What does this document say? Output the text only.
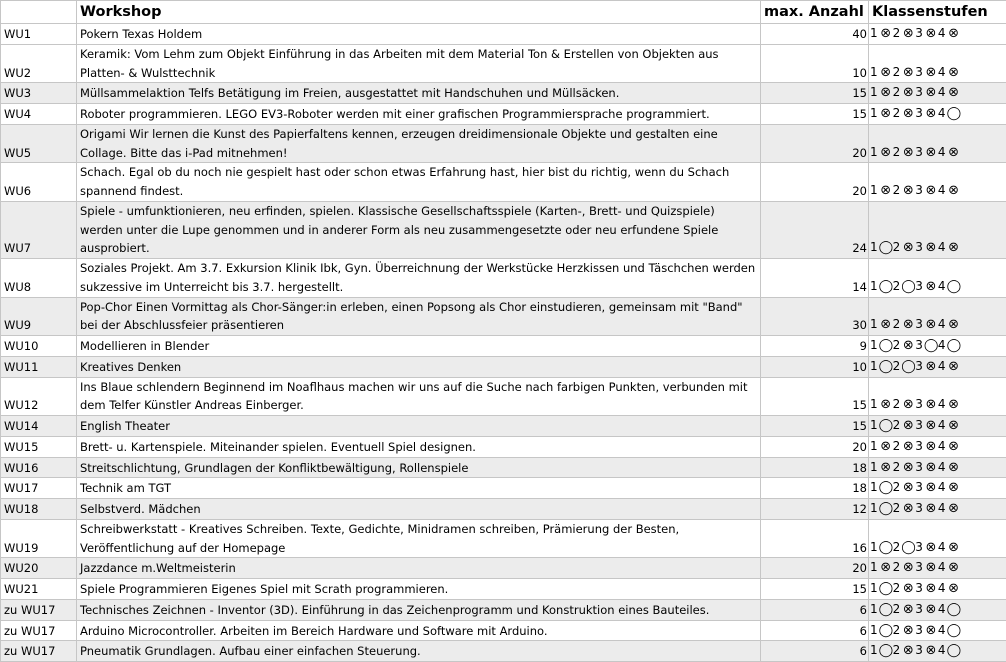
	Workshop	max. Anzahl	Klassenstufen
WU1	Pokern Texas Holdem	40	1 ⊗ 2 ⊗ 3 ⊗ 4 ⊗
WU2	Keramik: Vom Lehm zum Objekt Einführung in das Arbeiten mit dem Material Ton & Erstellen von Objekten aus
Platten- & Wulsttechnik	10	1 ⊗ 2 ⊗ 3 ⊗ 4 ⊗
WU3	Müllsammelaktion Telfs Betätigung im Freien, ausgestattet mit Handschuhen und Müllsäcken.	15	1 ⊗ 2 ⊗ 3 ⊗ 4 ⊗
WU4	Roboter programmieren. LEGO EV3-Roboter werden mit einer grafischen Programmiersprache programmiert.	15	1 ⊗ 2 ⊗ 3 ⊗ 4◯
WU5	Origami Wir lernen die Kunst des Papierfaltens kennen, erzeugen dreidimensionale Objekte und gestalten eine
Collage. Bitte das i-Pad mitnehmen!	20	1 ⊗ 2 ⊗ 3 ⊗ 4 ⊗
WU6	Schach. Egal ob du noch nie gespielt hast oder schon etwas Erfahrung hast, hier bist du richtig, wenn du Schach
spannend findest.	20	1 ⊗ 2 ⊗ 3 ⊗ 4 ⊗
WU7	Spiele - umfunktionieren, neu erfinden, spielen. Klassische Gesellschaftsspiele (Karten-, Brett- und Quizspiele)
werden unter die Lupe genommen und in anderer Form als neu zusammengesetzte oder neu erfundene Spiele
ausprobiert.	24	1◯2 ⊗ 3 ⊗ 4 ⊗
WU8	Soziales Projekt. Am 3.7. Exkursion Klinik Ibk, Gyn. Überreichnung der Werkstücke Herzkissen und Täschchen werden
sukzessive im Unterreicht bis 3.7. hergestellt.	14	1◯2◯3 ⊗ 4◯
WU9	Pop-Chor Einen Vormittag als Chor-Sänger:in erleben, einen Popsong als Chor einstudieren, gemeinsam mit "Band"
bei der Abschlussfeier präsentieren	30	1 ⊗ 2 ⊗ 3 ⊗ 4 ⊗
WU10	Modellieren in Blender	9	1◯2 ⊗ 3◯4◯
WU11	Kreatives Denken	10	1◯2◯3 ⊗ 4 ⊗
WU12	Ins Blaue schlendern Beginnend im Noaflhaus machen wir uns auf die Suche nach farbigen Punkten, verbunden mit
dem Telfer Künstler Andreas Einberger.	15	1 ⊗ 2 ⊗ 3 ⊗ 4 ⊗
WU14	English Theater	15	1◯2 ⊗ 3 ⊗ 4 ⊗
WU15	Brett- u. Kartenspiele. Miteinander spielen. Eventuell Spiel designen.	20	1 ⊗ 2 ⊗ 3 ⊗ 4 ⊗
WU16	Streitschlichtung, Grundlagen der Konfliktbewältigung, Rollenspiele	18	1 ⊗ 2 ⊗ 3 ⊗ 4 ⊗
WU17	Technik am TGT	18	1◯2 ⊗ 3 ⊗ 4 ⊗
WU18	Selbstverd. Mädchen	12	1◯2 ⊗ 3 ⊗ 4 ⊗
WU19	Schreibwerkstatt - Kreatives Schreiben. Texte, Gedichte, Minidramen schreiben, Prämierung der Besten,
Veröffentlichung auf der Homepage	16	1◯2◯3 ⊗ 4 ⊗
WU20	Jazzdance m.Weltmeisterin	20	1 ⊗ 2 ⊗ 3 ⊗ 4 ⊗
WU21	Spiele Programmieren Eigenes Spiel mit Scrath programmieren.	15	1◯2 ⊗ 3 ⊗ 4 ⊗
zu WU17	Technisches Zeichnen - Inventor (3D). Einführung in das Zeichenprogramm und Konstruktion eines Bauteiles.	6	1◯2 ⊗ 3 ⊗ 4◯
zu WU17	Arduino Microcontroller. Arbeiten im Bereich Hardware und Software mit Arduino.	6	1◯2 ⊗ 3 ⊗ 4◯
zu WU17	Pneumatik Grundlagen. Aufbau einer einfachen Steuerung.	6	1◯2 ⊗ 3 ⊗ 4◯
